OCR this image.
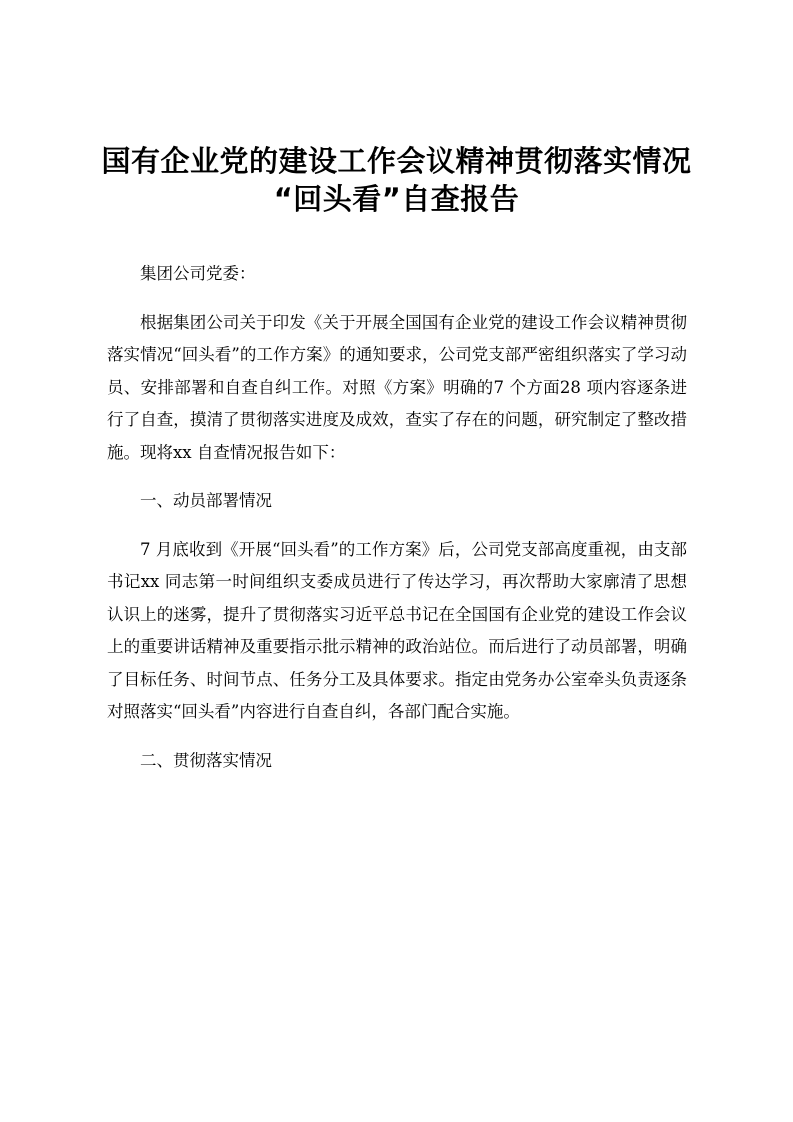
国有企业党的建设工作会议精神贯彻落实情况
“回头看”自查报告

集团公司党委：

根据集团公司关于印发《关于开展全国国有企业党的建设工作会议精神贯彻落实情况“回头看”的工作方案》的通知要求，公司党支部严密组织落实了学习动员、安排部署和自查自纠工作。对照《方案》明确的7 个方面28 项内容逐条进行了自查，摸清了贯彻落实进度及成效，查实了存在的问题，研究制定了整改措施。现将xx 自查情况报告如下：

一、动员部署情况

7 月底收到《开展“回头看”的工作方案》后，公司党支部高度重视，由支部书记xx 同志第一时间组织支委成员进行了传达学习，再次帮助大家廓清了思想认识上的迷雾，提升了贯彻落实习近平总书记在全国国有企业党的建设工作会议上的重要讲话精神及重要指示批示精神的政治站位。而后进行了动员部署，明确了目标任务、时间节点、任务分工及具体要求。指定由党务办公室牵头负责逐条对照落实“回头看”内容进行自查自纠，各部门配合实施。

二、贯彻落实情况
